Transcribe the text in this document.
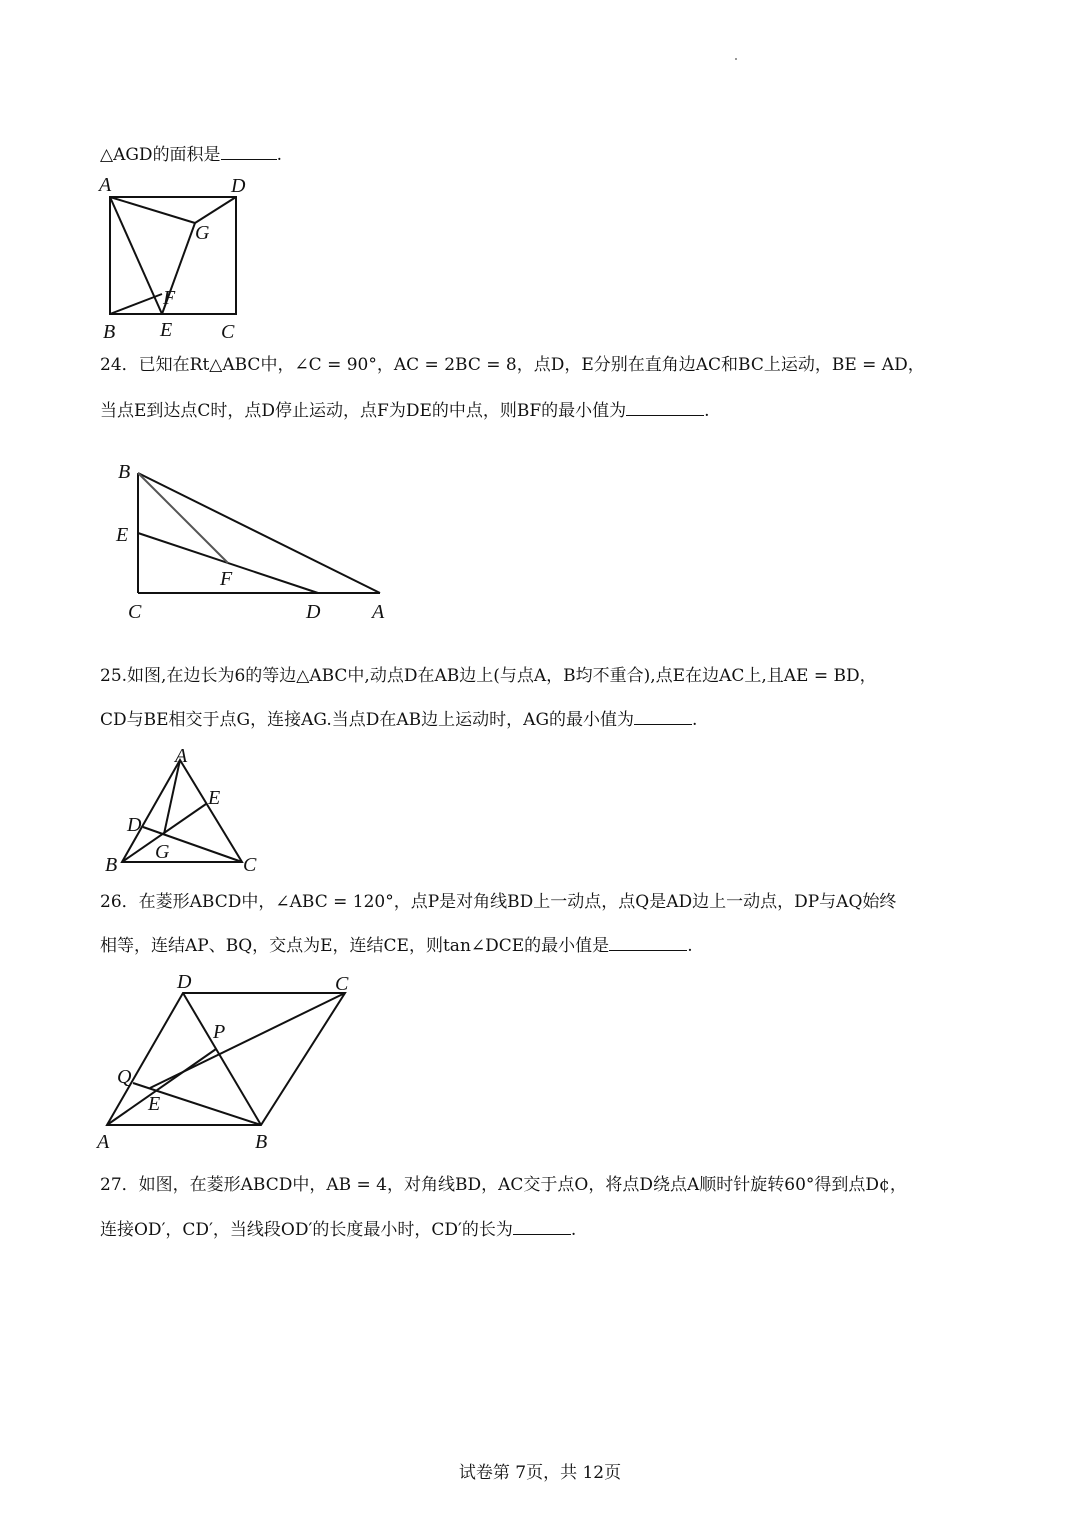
△AGD的面积是	.
A	D
G
F
B E C
24．已知在Rt△ABC中，∠C = 90°，AC = 2BC = 8，点D，E分别在直角边AC和BC上运动，BE = AD，
当点E到达点C时，点D停止运动，点F为DE的中点，则BF的最小值为	.
B
E
F
C	D	A
25.如图,在边长为6的等边△ABC中,动点D在AB边上(与点A，B均不重合),点E在边AC上,且AE = BD，
CD与BE相交于点G，连接AG.当点D在AB边上运动时，AG的最小值为	.
A
E
D
G
B	C
26．在菱形ABCD中，∠ABC = 120°，点P是对角线BD上一动点，点Q是AD边上一动点，DP与AQ始终
相等，连结AP、BQ，交点为E，连结CE，则tan∠DCE的最小值是	.
D	C
P
Q
E
A	B
27．如图，在菱形ABCD中，AB = 4，对角线BD，AC交于点O，将点D绕点A顺时针旋转60°得到点D¢，
连接OD′，CD′，当线段OD′的长度最小时，CD′的长为	.
试卷第 7页，共 12页
